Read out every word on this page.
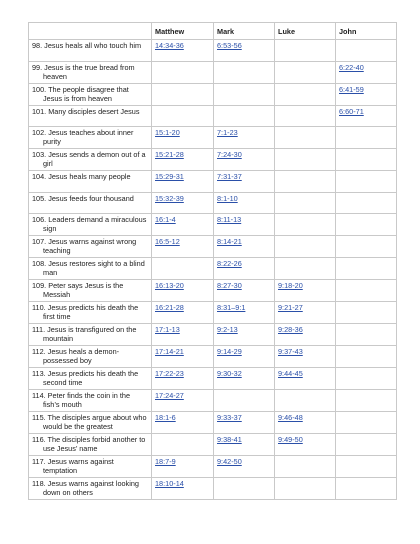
	Matthew	Mark	Luke	John

98. Jesus heals all who touch him	14:34-36	6:53-56		

99. Jesus is the true bread from heaven				6:22-40

100. The people disagree that Jesus is from heaven				6:41-59

101. Many disciples desert Jesus				6:60-71

102. Jesus teaches about inner purity	15:1-20	7:1-23		

103. Jesus sends a demon out of a girl	15:21-28	7:24-30		

104. Jesus heals many people	15:29-31	7:31-37		

105. Jesus feeds four thousand	15:32-39	8:1-10		

106. Leaders demand a miraculous sign	16:1-4	8:11-13		

107. Jesus warns against wrong teaching	16:5-12	8:14-21		

108. Jesus restores sight to a blind man		8:22-26		

109. Peter says Jesus is the Messiah	16:13-20	8:27-30	9:18-20	

110. Jesus predicts his death the first time	16:21-28	8:31–9:1	9:21-27	

111. Jesus is transfigured on the mountain	17:1-13	9:2-13	9:28-36	

112. Jesus heals a demon-possessed boy	17:14-21	9:14-29	9:37-43	

113. Jesus predicts his death the second time	17:22-23	9:30-32	9:44-45	

114. Peter finds the coin in the fish’s mouth	17:24-27			

115. The disciples argue about who would be the greatest	18:1-6	9:33-37	9:46-48	

116. The disciples forbid another to use Jesus’ name		9:38-41	9:49-50	

117. Jesus warns against temptation	18:7-9	9:42-50		

118. Jesus warns against looking down on others	18:10-14			
